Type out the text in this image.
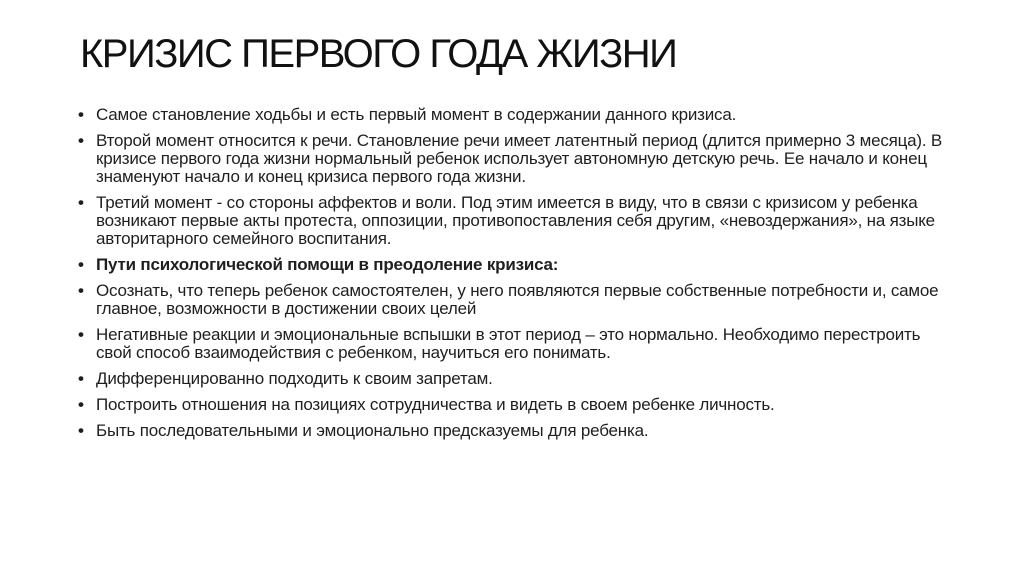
КРИЗИС ПЕРВОГО ГОДА ЖИЗНИ
• Самое становление ходьбы и есть первый момент в содержании данного кризиса.
• Второй момент относится к речи. Становление речи имеет латентный период (длится примерно 3 месяца). В кризисе первого года жизни нормальный ребенок использует автономную детскую речь. Ее начало и конец знаменуют начало и конец кризиса первого года жизни.
• Третий момент - со стороны аффектов и воли. Под этим имеется в виду, что в связи с кризисом у ребенка возникают первые акты протеста, оппозиции, противопоставления себя другим, «невоздержания», на языке авторитарного семейного воспитания.
• Пути психологической помощи в преодоление кризиса:
• Осознать, что теперь ребенок самостоятелен, у него появляются первые собственные потребности и, самое главное, возможности в достижении своих целей
• Негативные реакции и эмоциональные вспышки в этот период – это нормально. Необходимо перестроить свой способ взаимодействия с ребенком, научиться его понимать.
• Дифференцированно подходить к своим запретам.
• Построить отношения на позициях сотрудничества и видеть в своем ребенке личность.
• Быть последовательными и эмоционально предсказуемы для ребенка.
